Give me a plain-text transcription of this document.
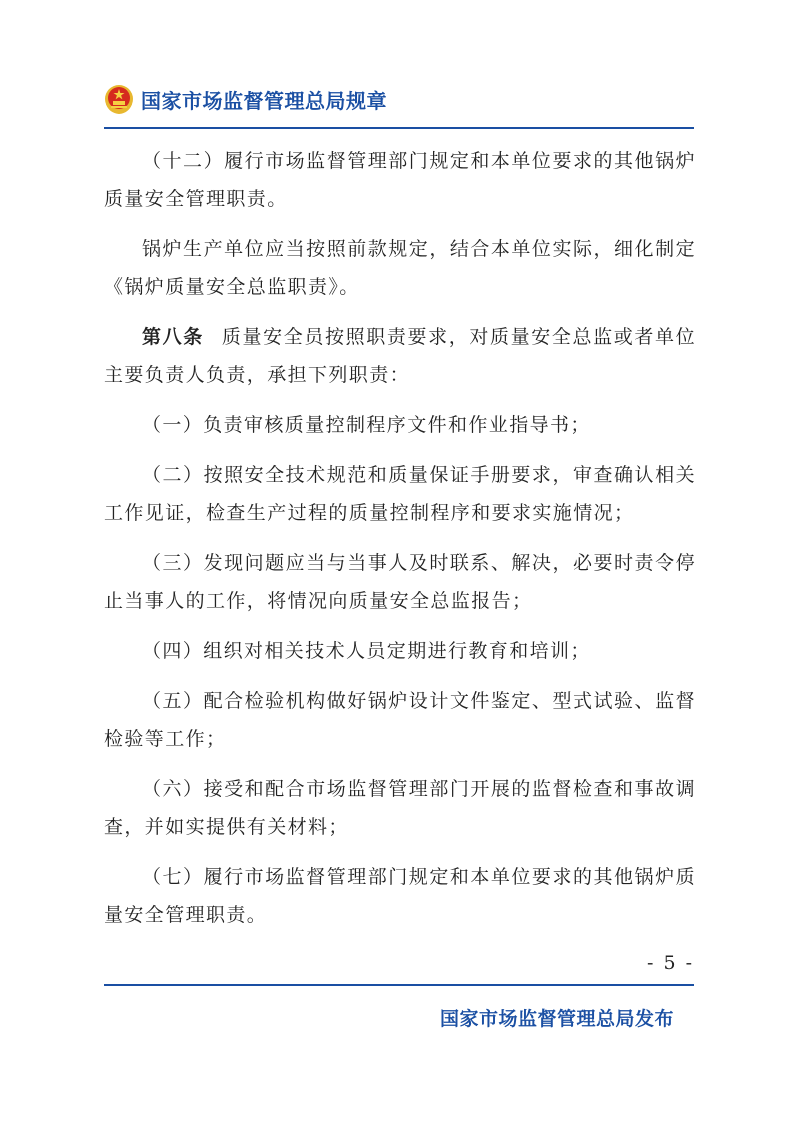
国家市场监督管理总局规章

（十二）履行市场监督管理部门规定和本单位要求的其他锅炉质量安全管理职责。

锅炉生产单位应当按照前款规定，结合本单位实际，细化制定《锅炉质量安全总监职责》。

第八条 质量安全员按照职责要求，对质量安全总监或者单位主要负责人负责，承担下列职责：

（一）负责审核质量控制程序文件和作业指导书；

（二）按照安全技术规范和质量保证手册要求，审查确认相关工作见证，检查生产过程的质量控制程序和要求实施情况；

（三）发现问题应当与当事人及时联系、解决，必要时责令停止当事人的工作，将情况向质量安全总监报告；

（四）组织对相关技术人员定期进行教育和培训；

（五）配合检验机构做好锅炉设计文件鉴定、型式试验、监督检验等工作；

（六）接受和配合市场监督管理部门开展的监督检查和事故调查，并如实提供有关材料；

（七）履行市场监督管理部门规定和本单位要求的其他锅炉质量安全管理职责。

- 5 -
国家市场监督管理总局发布
